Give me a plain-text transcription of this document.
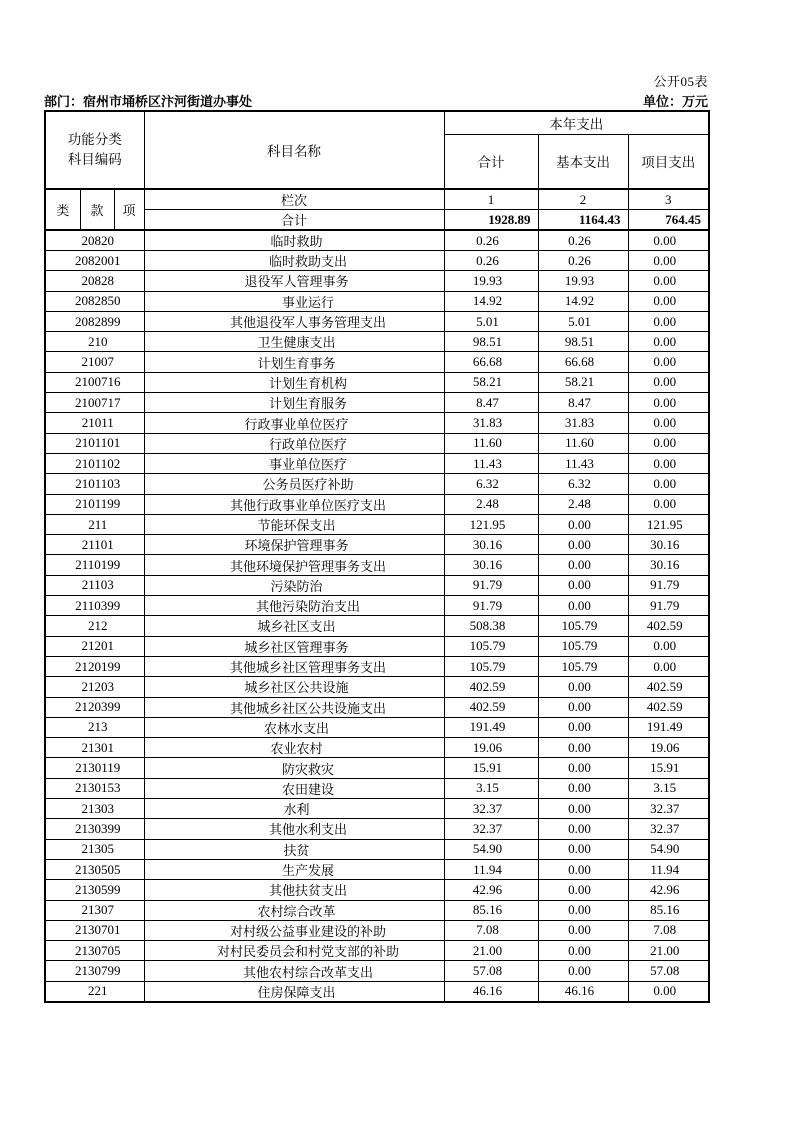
公开05表
部门：宿州市埇桥区汴河街道办事处	单位：万元
功能分类
科目编码			科目名称	本年支出		
				合计	基本支出	项目支出
类	款	项	栏次	1	2	3
			合计	1928.89	1164.43	764.45
20820			临时救助	0.26	0.26	0.00
2082001			临时救助支出	0.26	0.26	0.00
20828			退役军人管理事务	19.93	19.93	0.00
2082850			事业运行	14.92	14.92	0.00
2082899			其他退役军人事务管理支出	5.01	5.01	0.00
210			卫生健康支出	98.51	98.51	0.00
21007			计划生育事务	66.68	66.68	0.00
2100716			计划生育机构	58.21	58.21	0.00
2100717			计划生育服务	8.47	8.47	0.00
21011			行政事业单位医疗	31.83	31.83	0.00
2101101			行政单位医疗	11.60	11.60	0.00
2101102			事业单位医疗	11.43	11.43	0.00
2101103			公务员医疗补助	6.32	6.32	0.00
2101199			其他行政事业单位医疗支出	2.48	2.48	0.00
211			节能环保支出	121.95	0.00	121.95
21101			环境保护管理事务	30.16	0.00	30.16
2110199			其他环境保护管理事务支出	30.16	0.00	30.16
21103			污染防治	91.79	0.00	91.79
2110399			其他污染防治支出	91.79	0.00	91.79
212			城乡社区支出	508.38	105.79	402.59
21201			城乡社区管理事务	105.79	105.79	0.00
2120199			其他城乡社区管理事务支出	105.79	105.79	0.00
21203			城乡社区公共设施	402.59	0.00	402.59
2120399			其他城乡社区公共设施支出	402.59	0.00	402.59
213			农林水支出	191.49	0.00	191.49
21301			农业农村	19.06	0.00	19.06
2130119			防灾救灾	15.91	0.00	15.91
2130153			农田建设	3.15	0.00	3.15
21303			水利	32.37	0.00	32.37
2130399			其他水利支出	32.37	0.00	32.37
21305			扶贫	54.90	0.00	54.90
2130505			生产发展	11.94	0.00	11.94
2130599			其他扶贫支出	42.96	0.00	42.96
21307			农村综合改革	85.16	0.00	85.16
2130701			对村级公益事业建设的补助	7.08	0.00	7.08
2130705			对村民委员会和村党支部的补助	21.00	0.00	21.00
2130799			其他农村综合改革支出	57.08	0.00	57.08
221			住房保障支出	46.16	46.16	0.00
